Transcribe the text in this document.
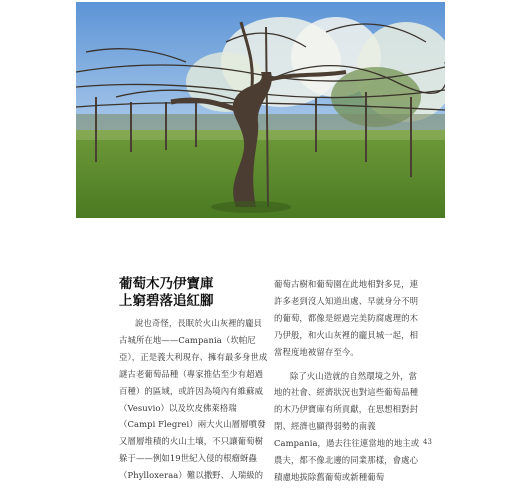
葡萄木乃伊寶庫
上窮碧落追紅腳

說也奇怪，長眠於火山灰裡的龐貝古城所在地——Campania（坎帕尼亞），正是義大利現存、擁有最多身世成謎古老葡萄品種（專家推估至少有超過百種）的區域，或許因為境內有維蘇威（Vesuvio）以及坎皮佛萊格瑞（Campi Flegrei）兩大火山層層噴發又層層堆積的火山土壤，不只讓葡萄樹躲于——例如19世紀入侵的根瘤蚜蟲（Phylloxeraa）難以撒野、人瑞級的

葡萄古樹和葡萄園在此地相對多見，連許多老到沒人知道出處、早就身分不明的葡萄，都像是經過完美防腐處理的木乃伊般，和火山灰裡的龐貝城一起，相當程度地被留存至今。

除了火山造就的自然環境之外，當地的社會、經濟狀況也對這些葡萄品種的木乃伊寶庫有所貢獻，在思想相對封閉、經濟也顯得弱勢的南義Campania，過去往往連當地的地主或農夫，都不像北邊的同業那樣，會處心積慮地拔除舊葡萄或新種葡萄

43
